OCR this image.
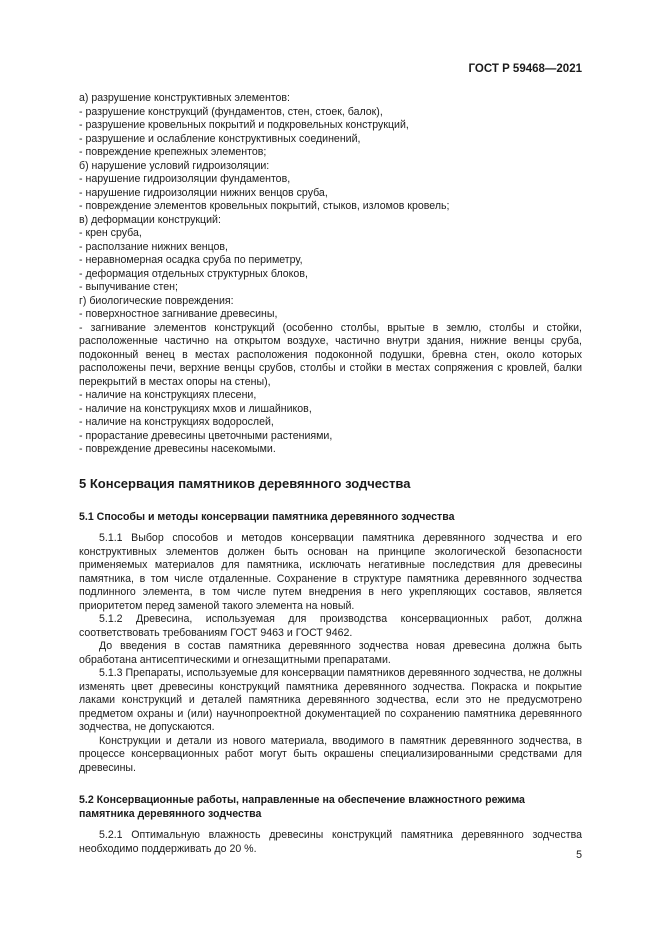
ГОСТ Р 59468—2021

а) разрушение конструктивных элементов:

- разрушение конструкций (фундаментов, стен, стоек, балок),

- разрушение кровельных покрытий и подкровельных конструкций,

- разрушение и ослабление конструктивных соединений,

- повреждение крепежных элементов;

б) нарушение условий гидроизоляции:

- нарушение гидроизоляции фундаментов,

- нарушение гидроизоляции нижних венцов сруба,

- повреждение элементов кровельных покрытий, стыков, изломов кровель;

в) деформации конструкций:

- крен сруба,

- расползание нижних венцов,

- неравномерная осадка сруба по периметру,

- деформация отдельных структурных блоков,

- выпучивание стен;

г) биологические повреждения:

- поверхностное загнивание древесины,

- загнивание элементов конструкций (особенно столбы, врытые в землю, столбы и стойки, расположенные частично на открытом воздухе, частично внутри здания, нижние венцы сруба, подоконный венец в местах расположения подоконной подушки, бревна стен, около которых расположены печи, верхние венцы срубов, столбы и стойки в местах сопряжения с кровлей, балки перекрытий в местах опоры на стены),

- наличие на конструкциях плесени,

- наличие на конструкциях мхов и лишайников,

- наличие на конструкциях водорослей,

- прорастание древесины цветочными растениями,

- повреждение древесины насекомыми.

5 Консервация памятников деревянного зодчества
5.1 Способы и методы консервации памятника деревянного зодчества

5.1.1 Выбор способов и методов консервации памятника деревянного зодчества и его конструктивных элементов должен быть основан на принципе экологической безопасности применяемых материалов для памятника, исключать негативные последствия для древесины памятника, в том числе отдаленные. Сохранение в структуре памятника деревянного зодчества подлинного элемента, в том числе путем внедрения в него укрепляющих составов, является приоритетом перед заменой такого элемента на новый.

5.1.2 Древесина, используемая для производства консервационных работ, должна соответствовать требованиям ГОСТ 9463 и ГОСТ 9462.

До введения в состав памятника деревянного зодчества новая древесина должна быть обработана антисептическими и огнезащитными препаратами.

5.1.3 Препараты, используемые для консервации памятников деревянного зодчества, не должны изменять цвет древесины конструкций памятника деревянного зодчества. Покраска и покрытие лаками конструкций и деталей памятника деревянного зодчества, если это не предусмотрено предметом охраны и (или) научнопроектной документацией по сохранению памятника деревянного зодчества, не допускаются.

Конструкции и детали из нового материала, вводимого в памятник деревянного зодчества, в процессе консервационных работ могут быть окрашены специализированными средствами для древесины.

5.2 Консервационные работы, направленные на обеспечение влажностного режима памятника деревянного зодчества

5.2.1 Оптимальную влажность древесины конструкций памятника деревянного зодчества необходимо поддерживать до 20 %.

5
